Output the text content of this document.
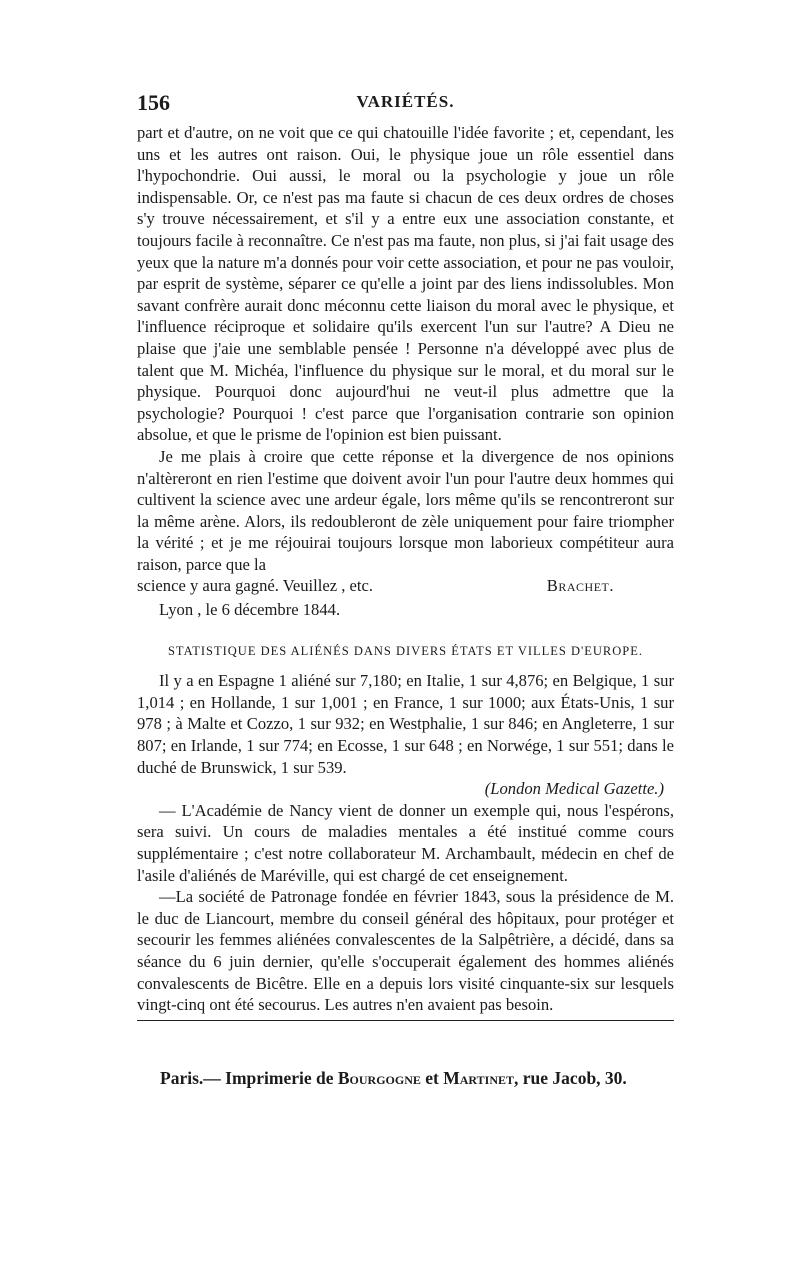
156	VARIÉTÉS.

part et d'autre, on ne voit que ce qui chatouille l'idée favorite ; et, cependant, les uns et les autres ont raison. Oui, le physique joue un rôle essentiel dans l'hypochondrie. Oui aussi, le moral ou la psychologie y joue un rôle indispensable. Or, ce n'est pas ma faute si chacun de ces deux ordres de choses s'y trouve nécessairement, et s'il y a entre eux une association constante, et toujours facile à reconnaître. Ce n'est pas ma faute, non plus, si j'ai fait usage des yeux que la nature m'a donnés pour voir cette association, et pour ne pas vouloir, par esprit de système, séparer ce qu'elle a joint par des liens indissolubles. Mon savant confrère aurait donc méconnu cette liaison du moral avec le physique, et l'influence réciproque et solidaire qu'ils exercent l'un sur l'autre? A Dieu ne plaise que j'aie une semblable pensée ! Personne n'a développé avec plus de talent que M. Michéa, l'influence du physique sur le moral, et du moral sur le physique. Pourquoi donc aujourd'hui ne veut-il plus admettre que la psychologie? Pourquoi ! c'est parce que l'organisation contrarie son opinion absolue, et que le prisme de l'opinion est bien puissant.

Je me plais à croire que cette réponse et la divergence de nos opinions n'altèreront en rien l'estime que doivent avoir l'un pour l'autre deux hommes qui cultivent la science avec une ardeur égale, lors même qu'ils se rencontreront sur la même arène. Alors, ils redoubleront de zèle uniquement pour faire triompher la vérité ; et je me réjouirai toujours lorsque mon laborieux compétiteur aura raison, parce que la

science y aura gagné. Veuillez , etc.	Brachet.
Lyon , le 6 décembre 1844.
STATISTIQUE DES ALIÉNÉS DANS DIVERS ÉTATS ET VILLES D'EUROPE.

Il y a en Espagne 1 aliéné sur 7,180; en Italie, 1 sur 4,876; en Belgique, 1 sur 1,014 ; en Hollande, 1 sur 1,001 ; en France, 1 sur 1000; aux États-Unis, 1 sur 978 ; à Malte et Cozzo, 1 sur 932; en Westphalie, 1 sur 846; en Angleterre, 1 sur 807; en Irlande, 1 sur 774; en Ecosse, 1 sur 648 ; en Norwége, 1 sur 551; dans le duché de Brunswick, 1 sur 539.

(London Medical Gazette.)

— L'Académie de Nancy vient de donner un exemple qui, nous l'espérons, sera suivi. Un cours de maladies mentales a été institué comme cours supplémentaire ; c'est notre collaborateur M. Archambault, médecin en chef de l'asile d'aliénés de Maréville, qui est chargé de cet enseignement.

—La société de Patronage fondée en février 1843, sous la présidence de M. le duc de Liancourt, membre du conseil général des hôpitaux, pour protéger et secourir les femmes aliénées convalescentes de la Salpêtrière, a décidé, dans sa séance du 6 juin dernier, qu'elle s'occuperait également des hommes aliénés convalescents de Bicêtre. Elle en a depuis lors visité cinquante-six sur lesquels vingt-cinq ont été secourus. Les autres n'en avaient pas besoin.

Paris.— Imprimerie de Bourgogne et Martinet, rue Jacob, 30.
